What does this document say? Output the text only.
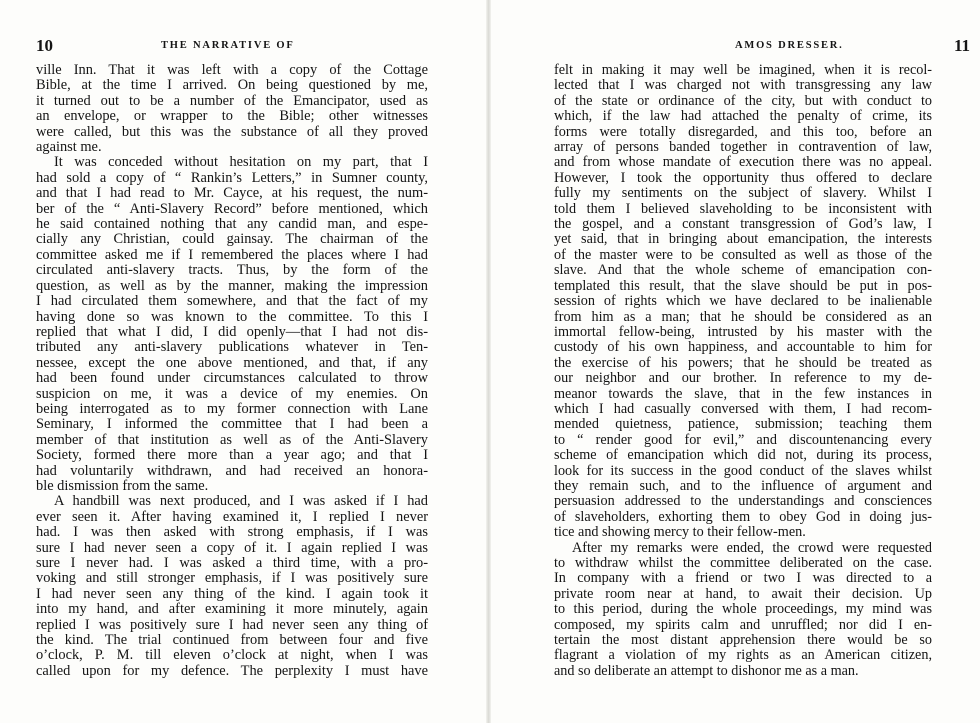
10	THE NARRATIVE OF
ville Inn. That it was left with a copy of the Cottage
Bible, at the time I arrived. On being questioned by me,
it turned out to be a number of the Emancipator, used as
an envelope, or wrapper to the Bible; other witnesses
were called, but this was the substance of all they proved
against me.
It was conceded without hesitation on my part, that I
had sold a copy of “ Rankin’s Letters,” in Sumner county,
and that I had read to Mr. Cayce, at his request, the num-
ber of the “ Anti-Slavery Record” before mentioned, which
he said contained nothing that any candid man, and espe-
cially any Christian, could gainsay. The chairman of the
committee asked me if I remembered the places where I had
circulated anti-slavery tracts. Thus, by the form of the
question, as well as by the manner, making the impression
I had circulated them somewhere, and that the fact of my
having done so was known to the committee. To this I
replied that what I did, I did openly—that I had not dis-
tributed any anti-slavery publications whatever in Ten-
nessee, except the one above mentioned, and that, if any
had been found under circumstances calculated to throw
suspicion on me, it was a device of my enemies. On
being interrogated as to my former connection with Lane
Seminary, I informed the committee that I had been a
member of that institution as well as of the Anti-Slavery
Society, formed there more than a year ago; and that I
had voluntarily withdrawn, and had received an honora-
ble dismission from the same.
A handbill was next produced, and I was asked if I had
ever seen it. After having examined it, I replied I never
had. I was then asked with strong emphasis, if I was
sure I had never seen a copy of it. I again replied I was
sure I never had. I was asked a third time, with a pro-
voking and still stronger emphasis, if I was positively sure
I had never seen any thing of the kind. I again took it
into my hand, and after examining it more minutely, again
replied I was positively sure I had never seen any thing of
the kind. The trial continued from between four and five
o’clock, P. M. till eleven o’clock at night, when I was
called upon for my defence. The perplexity I must have
AMOS DRESSER.	11
felt in making it may well be imagined, when it is recol-
lected that I was charged not with transgressing any law
of the state or ordinance of the city, but with conduct to
which, if the law had attached the penalty of crime, its
forms were totally disregarded, and this too, before an
array of persons banded together in contravention of law,
and from whose mandate of execution there was no appeal.
However, I took the opportunity thus offered to declare
fully my sentiments on the subject of slavery. Whilst I
told them I believed slaveholding to be inconsistent with
the gospel, and a constant transgression of God’s law, I
yet said, that in bringing about emancipation, the interests
of the master were to be consulted as well as those of the
slave. And that the whole scheme of emancipation con-
templated this result, that the slave should be put in pos-
session of rights which we have declared to be inalienable
from him as a man; that he should be considered as an
immortal fellow-being, intrusted by his master with the
custody of his own happiness, and accountable to him for
the exercise of his powers; that he should be treated as
our neighbor and our brother. In reference to my de-
meanor towards the slave, that in the few instances in
which I had casually conversed with them, I had recom-
mended quietness, patience, submission; teaching them
to “ render good for evil,” and discountenancing every
scheme of emancipation which did not, during its process,
look for its success in the good conduct of the slaves whilst
they remain such, and to the influence of argument and
persuasion addressed to the understandings and consciences
of slaveholders, exhorting them to obey God in doing jus-
tice and showing mercy to their fellow-men.
After my remarks were ended, the crowd were requested
to withdraw whilst the committee deliberated on the case.
In company with a friend or two I was directed to a
private room near at hand, to await their decision. Up
to this period, during the whole proceedings, my mind was
composed, my spirits calm and unruffled; nor did I en-
tertain the most distant apprehension there would be so
flagrant a violation of my rights as an American citizen,
and so deliberate an attempt to dishonor me as a man.
